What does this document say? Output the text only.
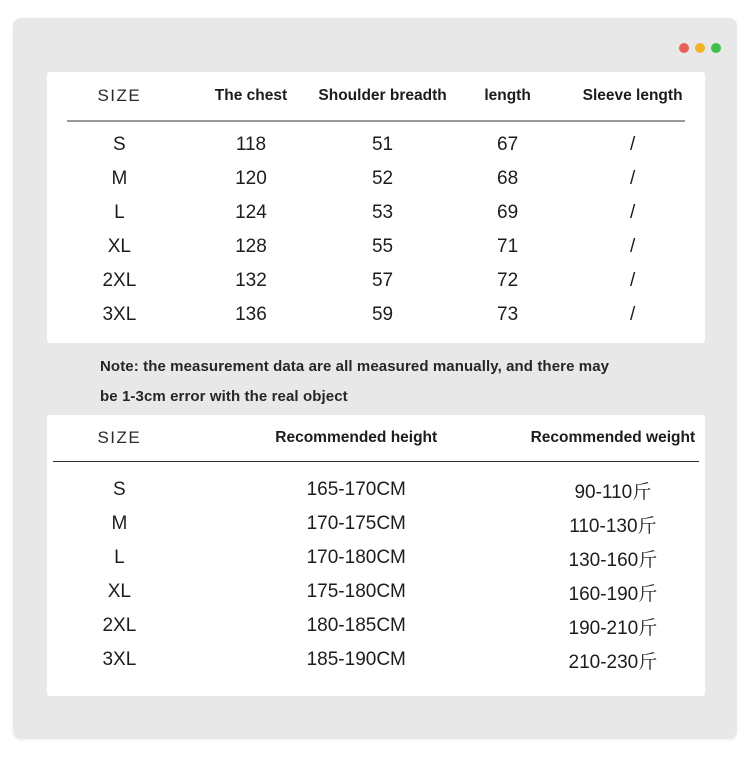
SIZE	The chest	Shoulder breadth	length	Sleeve length
S	118	51	67	/
M	120	52	68	/
L	124	53	69	/
XL	128	55	71	/
2XL	132	57	72	/
3XL	136	59	73	/
Note: the measurement data are all measured manually, and there may
be 1-3cm error with the real object
SIZE	Recommended height	Recommended weight
S	165-170CM	90-110斤
M	170-175CM	110-130斤
L	170-180CM	130-160斤
XL	175-180CM	160-190斤
2XL	180-185CM	190-210斤
3XL	185-190CM	210-230斤
